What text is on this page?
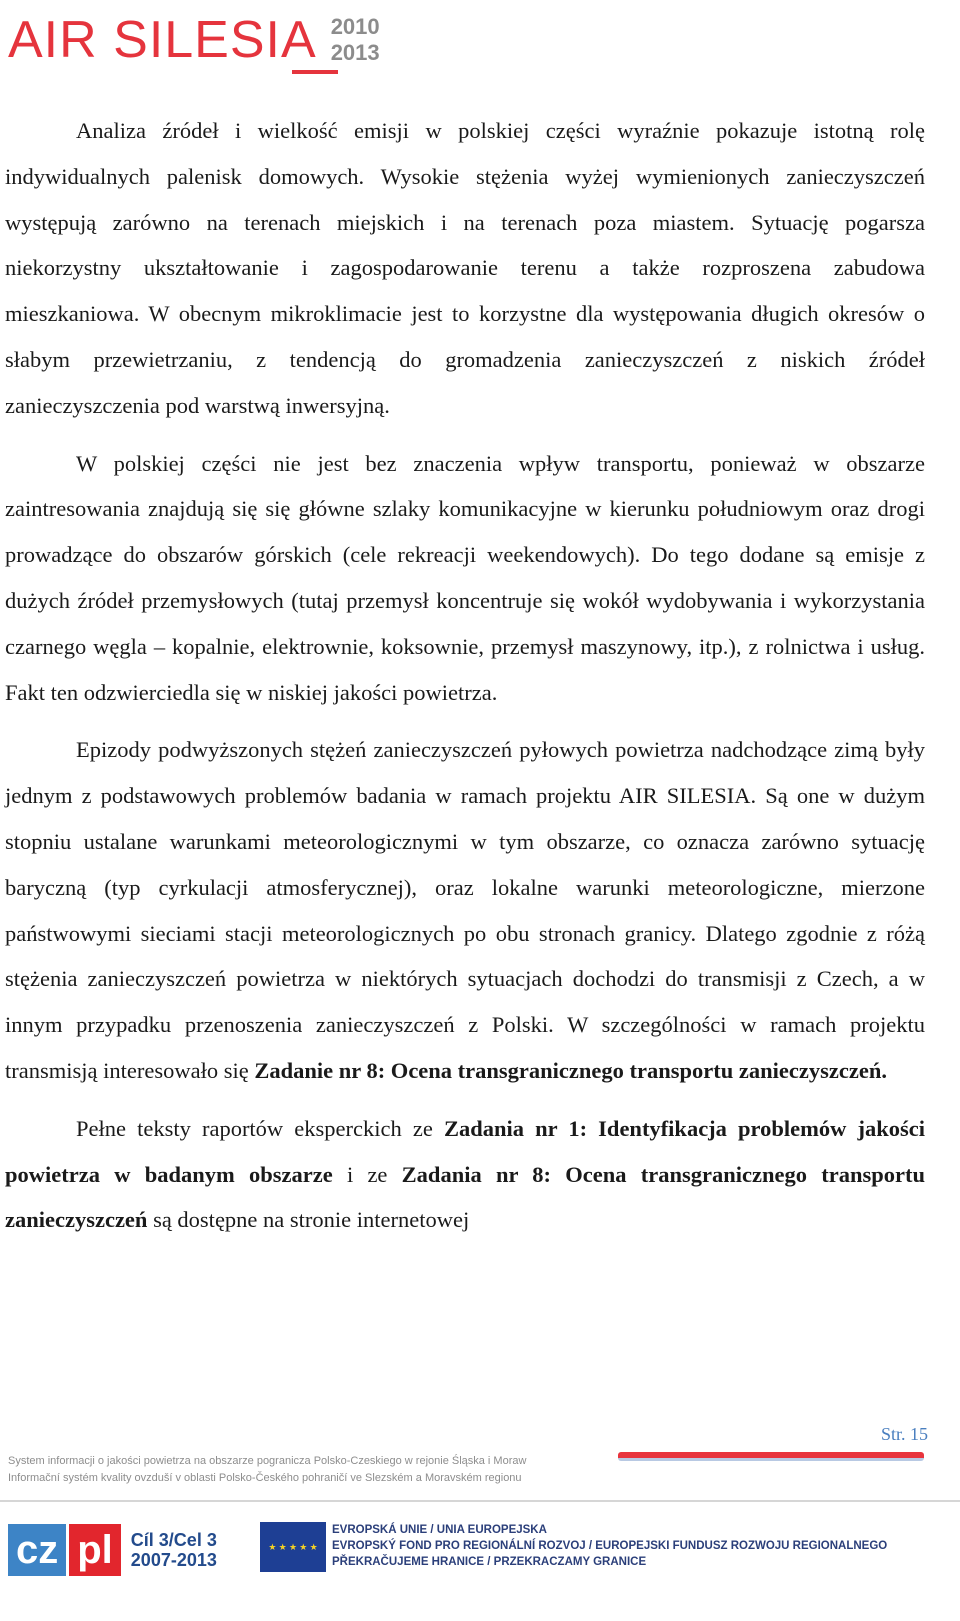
AIR SILESIA 2010
2013

Analiza źródeł i wielkość emisji w polskiej części wyraźnie pokazuje istotną rolę indywidualnych palenisk domowych. Wysokie stężenia wyżej wymienionych zanieczyszczeń występują zarówno na terenach miejskich i na terenach poza miastem. Sytuację pogarsza niekorzystny ukształtowanie i zagospodarowanie terenu a także rozproszena zabudowa mieszkaniowa. W obecnym mikroklimacie jest to korzystne dla występowania długich okresów o słabym przewietrzaniu, z tendencją do gromadzenia zanieczyszczeń z niskich źródeł zanieczyszczenia pod warstwą inwersyjną.

W polskiej części nie jest bez znaczenia wpływ transportu, ponieważ w obszarze zaintresowania znajdują się się główne szlaky komunikacyjne w kierunku południowym oraz drogi prowadzące do obszarów górskich (cele rekreacji weekendowych). Do tego dodane są emisje z dużych źródeł przemysłowych (tutaj przemysł koncentruje się wokół wydobywania i wykorzystania czarnego węgla – kopalnie, elektrownie, koksownie, przemysł maszynowy, itp.), z rolnictwa i usług. Fakt ten odzwierciedla się w niskiej jakości powietrza.

Epizody podwyższonych stężeń zanieczyszczeń pyłowych powietrza nadchodzące zimą były jednym z podstawowych problemów badania w ramach projektu AIR SILESIA. Są one w dużym stopniu ustalane warunkami meteorologicznymi w tym obszarze, co oznacza zarówno sytuację baryczną (typ cyrkulacji atmosferycznej), oraz lokalne warunki meteorologiczne, mierzone państwowymi sieciami stacji meteorologicznych po obu stronach granicy. Dlatego zgodnie z różą stężenia zanieczyszczeń powietrza w niektórych sytuacjach dochodzi do transmisji z Czech, a w innym przypadku przenoszenia zanieczyszczeń z Polski. W szczególności w ramach projektu transmisją interesowało się Zadanie nr 8: Ocena transgranicznego transportu zanieczyszczeń.

Pełne teksty raportów eksperckich ze Zadania nr 1: Identyfikacja problemów jakości powietrza w badanym obszarze i ze Zadania nr 8: Ocena transgranicznego transportu zanieczyszczeń są dostępne na stronie internetowej

Str. 15
System informacji o jakości powietrza na obszarze pogranicza Polsko-Czeskiego w rejonie Śląska i Moraw
Informační systém kvality ovzduší v oblasti Polsko-Českého pohraničí ve Slezském a Moravském regionu
cz pl	Cíl 3/Cel 3
2007-2013
★ ★ ★ ★ ★
EVROPSKÁ UNIE / UNIA EUROPEJSKA
EVROPSKÝ FOND PRO REGIONÁLNÍ ROZVOJ / EUROPEJSKI FUNDUSZ ROZWOJU REGIONALNEGO
PŘEKRAČUJEME HRANICE / PRZEKRACZAMY GRANICE
